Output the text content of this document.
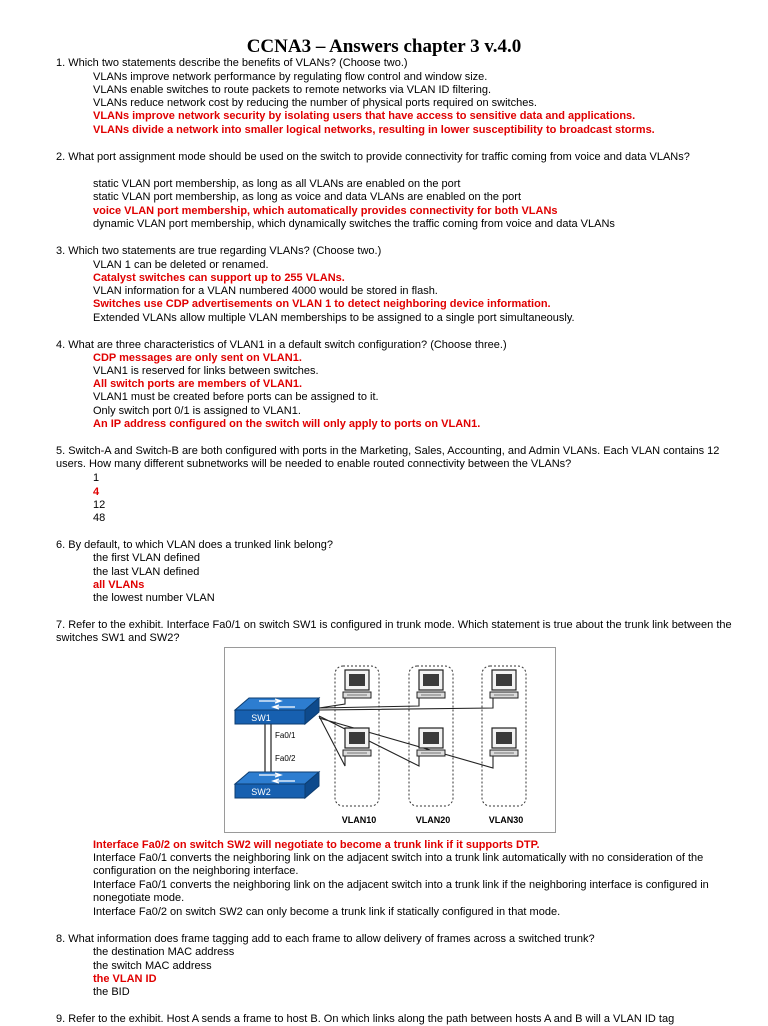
CCNA3 – Answers chapter 3 v.4.0
1. Which two statements describe the benefits of VLANs? (Choose two.)
VLANs improve network performance by regulating flow control and window size.
VLANs enable switches to route packets to remote networks via VLAN ID filtering.
VLANs reduce network cost by reducing the number of physical ports required on switches.
VLANs improve network security by isolating users that have access to sensitive data and applications.
VLANs divide a network into smaller logical networks, resulting in lower susceptibility to broadcast storms.
2. What port assignment mode should be used on the switch to provide connectivity for traffic coming from voice and data VLANs?
static VLAN port membership, as long as all VLANs are enabled on the port
static VLAN port membership, as long as voice and data VLANs are enabled on the port
voice VLAN port membership, which automatically provides connectivity for both VLANs
dynamic VLAN port membership, which dynamically switches the traffic coming from voice and data VLANs
3. Which two statements are true regarding VLANs? (Choose two.)
VLAN 1 can be deleted or renamed.
Catalyst switches can support up to 255 VLANs.
VLAN information for a VLAN numbered 4000 would be stored in flash.
Switches use CDP advertisements on VLAN 1 to detect neighboring device information.
Extended VLANs allow multiple VLAN memberships to be assigned to a single port simultaneously.
4. What are three characteristics of VLAN1 in a default switch configuration? (Choose three.)
CDP messages are only sent on VLAN1.
VLAN1 is reserved for links between switches.
All switch ports are members of VLAN1.
VLAN1 must be created before ports can be assigned to it.
Only switch port 0/1 is assigned to VLAN1.
An IP address configured on the switch will only apply to ports on VLAN1.
5. Switch-A and Switch-B are both configured with ports in the Marketing, Sales, Accounting, and Admin VLANs. Each VLAN contains 12 users. How many different subnetworks will be needed to enable routed connectivity between the VLANs?
1
4
12
48
6. By default, to which VLAN does a trunked link belong?
the first VLAN defined
the last VLAN defined
all VLANs
the lowest number VLAN
7. Refer to the exhibit. Interface Fa0/1 on switch SW1 is configured in trunk mode. Which statement is true about the trunk link between the switches SW1 and SW2?
SW1
SW2
Fa0/1
Fa0/2
VLAN10	VLAN20	VLAN30
Interface Fa0/2 on switch SW2 will negotiate to become a trunk link if it supports DTP.
Interface Fa0/1 converts the neighboring link on the adjacent switch into a trunk link automatically with no consideration of the configuration on the neighboring interface.
Interface Fa0/1 converts the neighboring link on the adjacent switch into a trunk link if the neighboring interface is configured in nonegotiate mode.
Interface Fa0/2 on switch SW2 can only become a trunk link if statically configured in that mode.
8. What information does frame tagging add to each frame to allow delivery of frames across a switched trunk?
the destination MAC address
the switch MAC address
the VLAN ID
the BID
9. Refer to the exhibit. Host A sends a frame to host B. On which links along the path between hosts A and B will a VLAN ID tag
